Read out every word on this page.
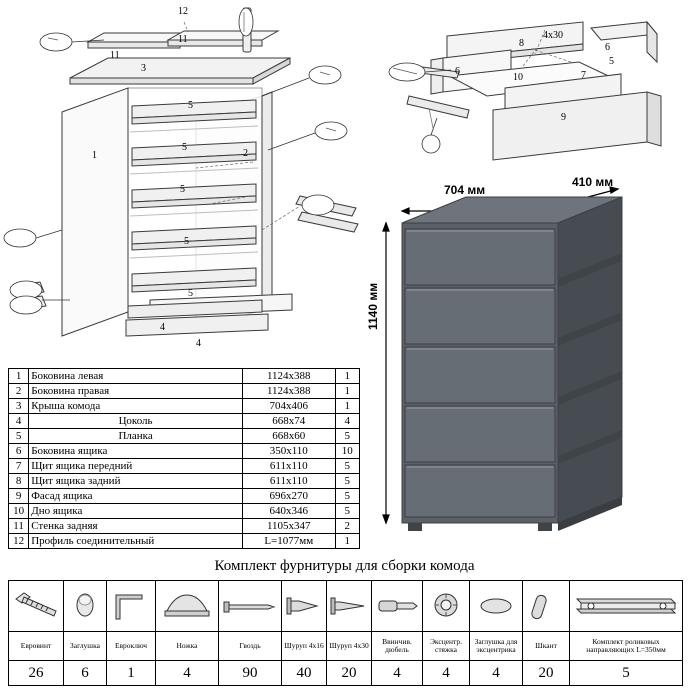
12
11
11
3
1	2
5
5
5
5
5
4
4
8
4х30
6
6
10	7
5
9
1	Боковина левая	1124x388	1
2	Боковина правая	1124x388	1
3	Крыша комода	704x406	1
4	Цоколь	668x74	4
5	Планка	668x60	5
6	Боковина ящика	350x110	10
7	Щит ящика передний	611x110	5
8	Щит ящика задний	611x110	5
9	Фасад ящика	696x270	5
10	Дно ящика	640x346	5
11	Стенка задняя	1105x347	2
12	Профиль соединительный	L=1077мм	1
704 мм
410 мм
1140 мм
Комплект фурнитуры для сборки комода

Евровинт	Заглушка	Евроключ	Ножка	Гвоздь	Шуруп 4х16	Шуруп 4х30	Ввинчив. дюбель	Эксцентр. стяжка	Заглушка для эксцентрика	Шкант	Комплект роликовых направляющих L=350мм
26	6	1	4	90	40	20	4	4	4	20	5
